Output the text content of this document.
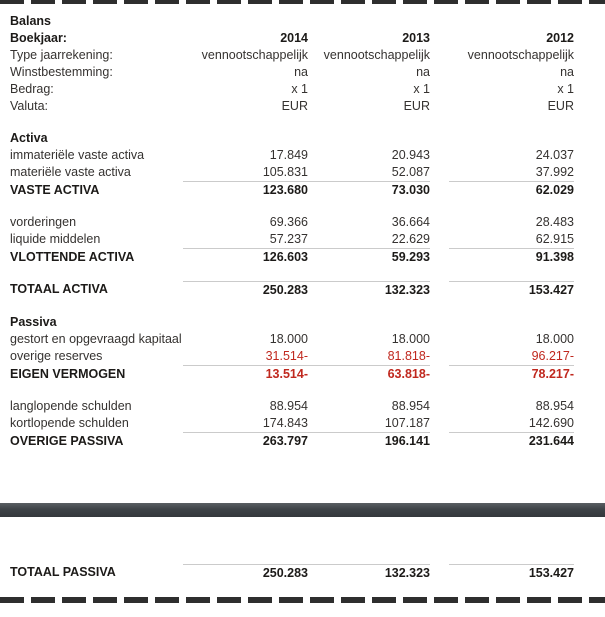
Balans
Boekjaar:	2014	2013	2012
Type jaarrekening:	vennootschappelijk	vennootschappelijk	vennootschappelijk
Winstbestemming:	na	na	na
Bedrag:	x 1	x 1	x 1
Valuta:	EUR	EUR	EUR
Activa
immateriële vaste activa	17.849	20.943	24.037
materiële vaste activa	105.831	52.087	37.992
VASTE ACTIVA	123.680	73.030	62.029
vorderingen	69.366	36.664	28.483
liquide middelen	57.237	22.629	62.915
VLOTTENDE ACTIVA	126.603	59.293	91.398
TOTAAL ACTIVA	250.283	132.323	153.427
Passiva
gestort en opgevraagd kapitaal	18.000	18.000	18.000
overige reserves	31.514-	81.818-	96.217-
EIGEN VERMOGEN	13.514-	63.818-	78.217-
langlopende schulden	88.954	88.954	88.954
kortlopende schulden	174.843	107.187	142.690
OVERIGE PASSIVA	263.797	196.141	231.644
TOTAAL PASSIVA	250.283	132.323	153.427
